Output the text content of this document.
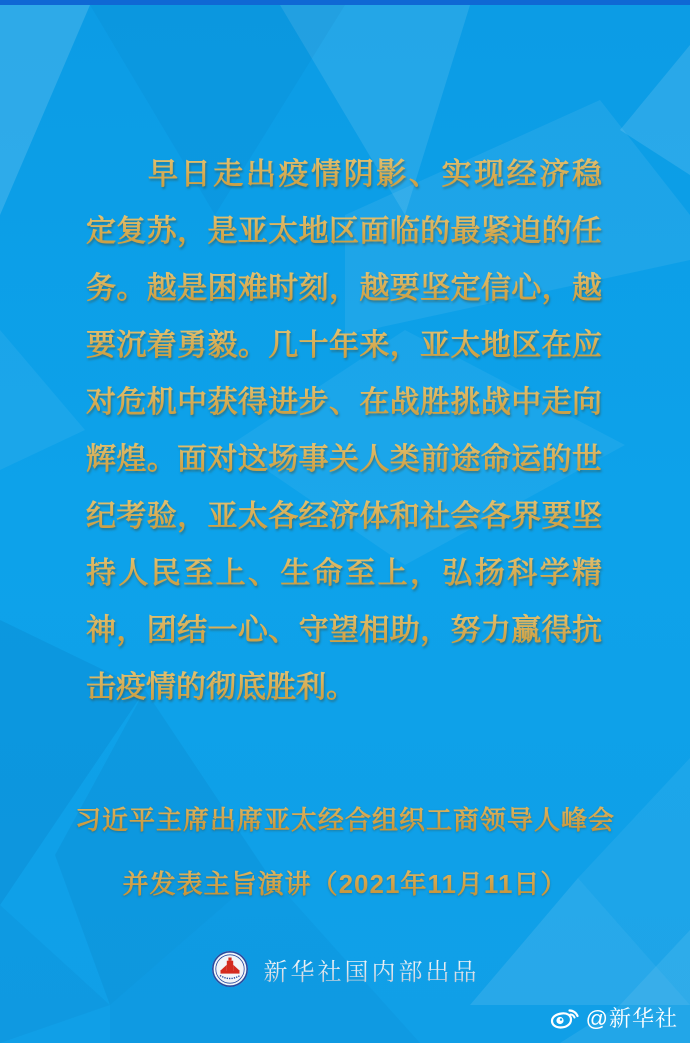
早日走出疫情阴影、实现经济稳
定复苏，是亚太地区面临的最紧迫的任
务。越是困难时刻，越要坚定信心，越
要沉着勇毅。几十年来，亚太地区在应
对危机中获得进步、在战胜挑战中走向
辉煌。面对这场事关人类前途命运的世
纪考验，亚太各经济体和社会各界要坚
持人民至上、生命至上，弘扬科学精
神，团结一心、守望相助，努力赢得抗
击疫情的彻底胜利。
习近平主席出席亚太经合组织工商领导人峰会
并发表主旨演讲（2021年11月11日）
新华社国内部出品
@新华社
